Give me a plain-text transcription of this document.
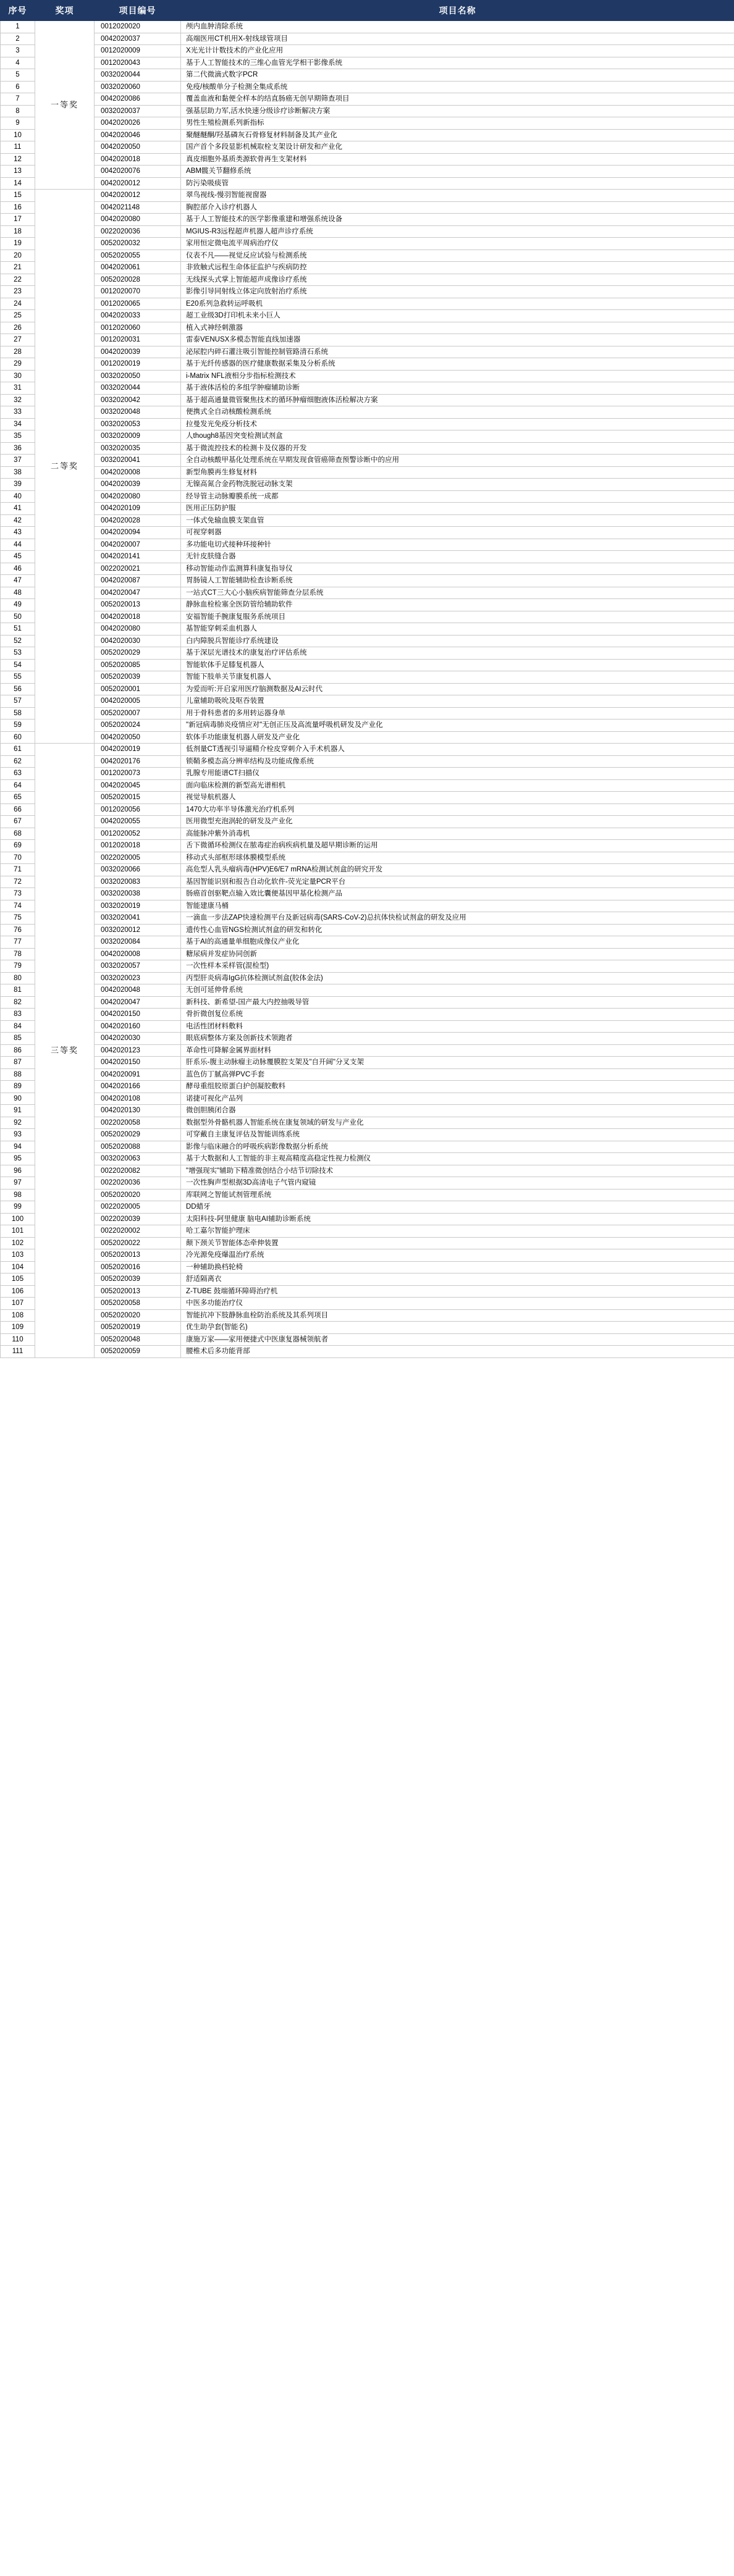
序号	奖项	项目编号	项目名称
1	一等奖	0012020020	颅内血肿清除系统
2		0042020037	高端医用CT机用X-射线球管项目
3		0012020009	X光光计计数技术的产业化应用
4		0012020043	基于人工智能技术的三维心血管光学相干影像系统
5		0032020044	第二代微滴式数字PCR
6		0032020060	免疫/核酸单分子检测全集成系统
7		0042020086	覆盖血液和黏便全样本的结直肠癌无创早期筛查项目
8		0032020037	强基层助力军,活水快速分级诊疗诊断解决方案
9		0042020026	男性生殖检测系列新指标
10		0042020046	聚醚醚酮/羟基磷灰石骨修复材料制备及其产业化
11		0042020050	国产首个多段显影机械取栓支架设计研发和产业化
12		0042020018	真皮细胞外基质类源软骨再生支架材料
13		0042020076	ABM髋关节翻修系统
14		0042020012	防污染吸痰管
15	二等奖	0042020012	翠鸟视线-慢羽智能视窗器
16		0042021148	胸腔部介入诊疗机器人
17		0042020080	基于人工智能技术的医学影像重建和增强系统设备
18		0022020036	MGIUS-R3远程超声机器人超声诊疗系统
19		0052020032	家用恒定微电流平周病治疗仪
20		0052020055	仪表不凡——视觉反应试验与检测系统
21		0042020061	非致触式远程生命体征监护与疾病防控
22		0052020028	无线探头式掌上智能超声成像诊疗系统
23		0012020070	影像引导同射线立体定向放射治疗系统
24		0012020065	E20系列急救转运呼吸机
25		0042020033	超工业级3D打印机未来小巨人
26		0012020060	植入式神经刺激器
27		0012020031	雷泰VENUSX多模态智能直线加速器
28		0042020039	泌尿腔内碎石灌注吸引智能控制管路清石系统
29		0012020019	基于光纤传感器的医疗健康数据采集及分析系统
30		0032020050	i-Matrix NFL液相分步指标检测技术
31		0032020044	基于液体活检的多组学肿瘤辅助诊断
32		0032020042	基于超高通量微管聚焦技术的循环肿瘤细胞液体活检解决方案
33		0032020048	便携式全自动核酸检测系统
34		0032020053	拉曼发光免疫分析技术
35		0032020009	人though8基因突变检测试剂盒
36		0032020035	基于微流控技术的检测卡及仪器的开发
37		0032020041	全自动核酸甲基化处理系统在早期发现食管癌筛查预警诊断中的应用
38		0042020008	新型角膜再生修复材料
39		0042020039	无镍高氮合金药物洗脱冠动脉支架
40		0042020080	经导管主动脉瓣膜系统一成都
41		0042020109	医用正压防护服
42		0042020028	一体式免输血膜支架血管
43		0042020094	可视穿刺器
44		0042020007	多功能电切式接种环接种针
45		0042020141	无针皮肤缝合器
46		0022020021	移动智能动作监测算科康复指导仪
47		0042020087	胃肠镜人工智能辅助检查诊断系统
48		0042020047	一站式CT三大心小脑疾病智能筛查分层系统
49		0052020013	静脉血栓检塞全医防管给辅助软件
50		0042020018	安福智能手腕康复服务系统项目
51		0042020080	基智能穿刺采血机器人
52		0042020030	白内障脱兵智能诊疗系统建设
53		0052020029	基于深层光谱技术的康复治疗评估系统
54		0052020085	智能软体手足膝复机器人
55		0052020039	智能下肢单关节康复机器人
56		0052020001	为爱而听:开启家用医疗脑测数据及AI云时代
57		0042020005	儿童辅助吸吮及呕吞装置
58		0052020007	用于骨科患者的多用转运器身单
59		0052020024	"新冠病毒肺炎疫情应对"无创正压及高流量呼吸机研发及产业化
60		0042020050	软体手功能康复机器人研发及产业化
61	三等奖	0042020019	低剂量CT透视引导逼精介栓皮穿刺介入手术机器人
62		0042020176	锁鞘多模态高分辨率结构及功能成像系统
63		0012020073	乳腺专用能谱CT扫描仪
64		0042020045	面向临床检测的新型高光谱相机
65		0052020015	视觉导航机器人
66		0012020056	1470大功率半导体激光治疗机系列
67		0042020055	医用微型充泡涡轮的研发及产业化
68		0012020052	高能脉冲紫外消毒机
69		0012020018	舌下微循环检测仪在脓毒症治病疾病机量及超早期诊断的运用
70		0022020005	移动式头部框形球体膜模型系统
71		0032020066	高危型人乳头瘤病毒(HPV)E6/E7 mRNA检测试剂盒的研究开发
72		0032020083	基因智能识别和报告自动化软件-荧光定量PCR平台
73		0032020038	肠癌首创驱靶点输入效比囊便基因甲基化检测产品
74		0032020019	智能建康马桶
75		0032020041	一滴血一步法ZAP快速检测平台及新冠病毒(SARS-CoV-2)总抗体快检试剂盒的研发及应用
76		0032020012	遗传性心血管NGS检测试剂盒的研发和转化
77		0032020084	基于AI的高通量单细胞成像仪产业化
78		0042020008	糖尿病并发症协同创新
79		0032020057	一次性样本采样管(混检型)
80		0032020023	丙型肝炎病毒IgG抗体检测试剂盒(胶体金法)
81		0042020048	无创可延伸骨系统
82		0042020047	新科技、新希望-国产最大内控抽吸导管
83		0042020150	骨折微创复位系统
84		0042020160	电活性团材料敷料
85		0042020030	眼底病整体方案及创新技术领跑者
86		0042020123	革命性可降解金属界面材料
87		0042020150	肝系乐-腹主动脉瘤主动脉覆膜腔支架及"自开阔"分叉支架
88		0042020091	蓝色仿丁腻高弹PVC手套
89		0042020166	酵母重组胶原蛋白护创凝胶敷料
90		0042020108	诺捷可视化产品列
91		0042020130	微创胆胰闭合器
92		0022020058	数据型外骨骼机器人智能系统在康复领域的研发与产业化
93		0052020029	可穿戴自主康复评估及智能训练系统
94		0052020088	影像与临床融合的呼吸疾病影像数据分析系统
95		0032020063	基于大数据和人工智能的非主观高精度高稳定性视力检测仪
96		0022020082	"增强现实"辅助下精准微创结合小结节切除技术
97		0022020036	一次性胸声型根据3D高清电子气管内窥镜
98		0052020020	库联网之智能试剂管理系统
99		0022020005	DD蜡牙
100		0022020039	太阳科技-阿里健康 脑电AI辅助诊断系统
101		0022020002	哈工嘉尔智能护理床
102		0052020022	颠下颈关节智能体态牵伸装置
103		0052020013	冷光源免疫爆温治疗系统
104		0052020016	一种辅助换档轮椅
105		0052020039	舒适隔离衣
106		0052020013	Z-TUBE 鼓端循环障碍治疗机
107		0052020058	中医多功能治疗仪
108		0052020020	智能抗冲下肢静脉血栓防治系统及其系列项目
109		0052020019	优生助孕套(智能名)
110		0052020048	康施万家——家用便捷式中医康复器械领航者
111		0052020059	腰椎术后多功能背部
